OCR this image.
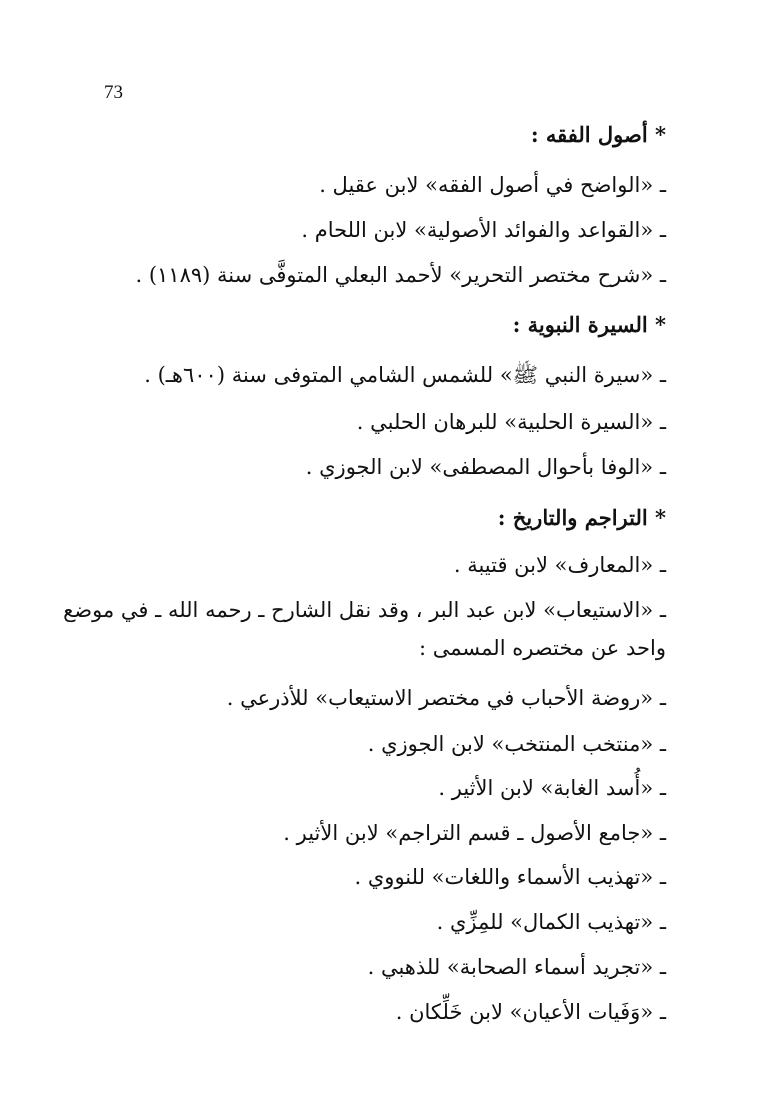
73
* أصول الفقه :
ـ «الواضح في أصول الفقه» لابن عقيل .
ـ «القواعد والفوائد الأصولية» لابن اللحام .
ـ «شرح مختصر التحرير» لأحمد البعلي المتوفَّى سنة (١١٨٩) .
* السيرة النبوية :
ـ «سيرة النبي ﷺ» للشمس الشامي المتوفى سنة (٦٠٠هـ) .
ـ «السيرة الحلبية» للبرهان الحلبي .
ـ «الوفا بأحوال المصطفى» لابن الجوزي .
* التراجم والتاريخ :
ـ «المعارف» لابن قتيبة .
ـ «الاستيعاب» لابن عبد البر ، وقد نقل الشارح ـ رحمه الله ـ في موضع
واحد عن مختصره المسمى :
ـ «روضة الأحباب في مختصر الاستيعاب» للأذرعي .
ـ «منتخب المنتخب» لابن الجوزي .
ـ «أُسد الغابة» لابن الأثير .
ـ «جامع الأصول ـ قسم التراجم» لابن الأثير .
ـ «تهذيب الأسماء واللغات» للنووي .
ـ «تهذيب الكمال» للمِزِّي .
ـ «تجريد أسماء الصحابة» للذهبي .
ـ «وَفَيات الأعيان» لابن خَلِّكان .
